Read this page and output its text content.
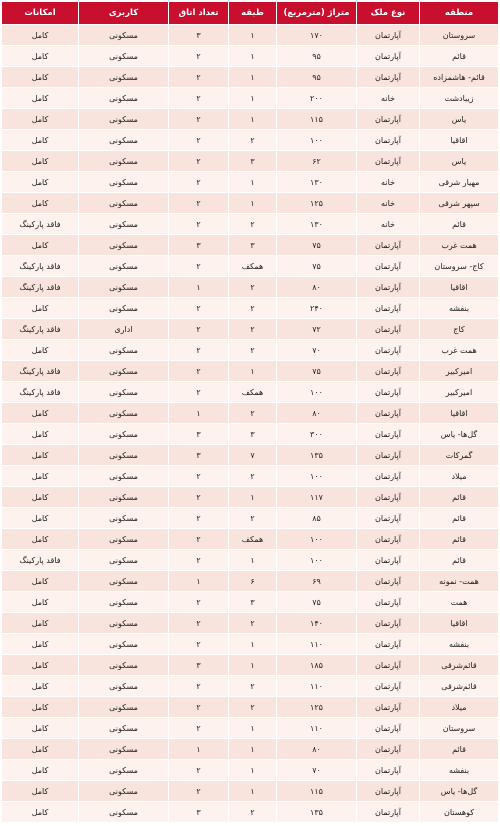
منطقه	نوع ملک	متراژ (مترمربع)	طبقه	تعداد اتاق	کاربری	امکانات
سروستان	آپارتمان	۱۷۰	۱	۳	مسکونی	کامل
قائم	آپارتمان	۹۵	۱	۲	مسکونی	کامل
قائم- هاشمزاده	آپارتمان	۹۵	۱	۲	مسکونی	کامل
زیبادشت	خانه	۲۰۰	۱	۲	مسکونی	کامل
یاس	آپارتمان	۱۱۵	۱	۲	مسکونی	کامل
اقاقیا	آپارتمان	۱۰۰	۲	۲	مسکونی	کامل
یاس	آپارتمان	۶۲	۳	۲	مسکونی	کامل
مهیار شرقی	خانه	۱۳۰	۱	۲	مسکونی	کامل
سپهر شرقی	خانه	۱۲۵	۱	۲	مسکونی	کامل
قائم	خانه	۱۳۰	۲	۲	مسکونی	فاقد پارکینگ
همت غرب	آپارتمان	۷۵	۳	۳	مسکونی	کامل
کاج- سروستان	آپارتمان	۷۵	همکف	۲	مسکونی	فاقد پارکینگ
اقاقیا	آپارتمان	۸۰	۲	۱	مسکونی	فاقد پارکینگ
بنفشه	آپارتمان	۲۴۰	۲	۲	مسکونی	کامل
کاج	آپارتمان	۷۲	۲	۲	اداری	فاقد پارکینگ
همت غرب	آپارتمان	۷۰	۲	۲	مسکونی	کامل
امیرکبیر	آپارتمان	۷۵	۱	۲	مسکونی	فاقد پارکینگ
امیرکبیر	آپارتمان	۱۰۰	همکف	۲	مسکونی	فاقد پارکینگ
اقاقیا	آپارتمان	۸۰	۲	۱	مسکونی	کامل
گل‌ها- یاس	آپارتمان	۳۰۰	۳	۳	مسکونی	کامل
گمرکات	آپارتمان	۱۳۵	۷	۳	مسکونی	کامل
میلاد	آپارتمان	۱۰۰	۲	۲	مسکونی	کامل
قائم	آپارتمان	۱۱۷	۱	۲	مسکونی	کامل
قائم	آپارتمان	۸۵	۲	۲	مسکونی	کامل
قائم	آپارتمان	۱۰۰	همکف	۲	مسکونی	کامل
قائم	آپارتمان	۱۰۰	۱	۲	مسکونی	فاقد پارکینگ
همت- نمونه	آپارتمان	۶۹	۶	۱	مسکونی	کامل
همت	آپارتمان	۷۵	۳	۲	مسکونی	کامل
اقاقیا	آپارتمان	۱۴۰	۲	۲	مسکونی	کامل
بنفشه	آپارتمان	۱۱۰	۱	۲	مسکونی	کامل
قائم‌شرقی	آپارتمان	۱۸۵	۱	۳	مسکونی	کامل
قائم‌شرقی	آپارتمان	۱۱۰	۲	۲	مسکونی	کامل
میلاد	آپارتمان	۱۲۵	۲	۲	مسکونی	کامل
سروستان	آپارتمان	۱۱۰	۱	۲	مسکونی	کامل
قائم	آپارتمان	۸۰	۱	۱	مسکونی	کامل
بنفشه	آپارتمان	۷۰	۱	۲	مسکونی	کامل
گل‌ها- یاس	آپارتمان	۱۱۵	۱	۲	مسکونی	کامل
کوهستان	آپارتمان	۱۳۵	۲	۳	مسکونی	کامل
